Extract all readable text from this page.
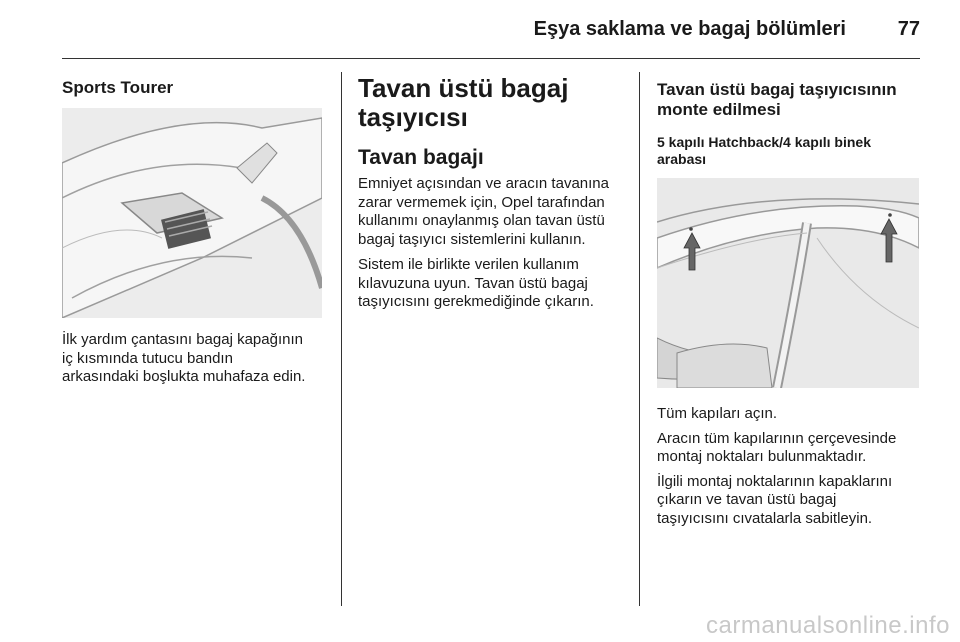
Eşya saklama ve bagaj bölümleri	77

Sports Tourer

İlk yardım çantasını bagaj kapağının

iç kısmında tutucu bandın

arkasındaki boşlukta muhafaza edin.

Tavan üstü bagaj

taşıyıcısı

Tavan bagajı

Emniyet açısından ve aracın tavanına

zarar vermemek için, Opel tarafından

kullanımı onaylanmış olan tavan üstü

bagaj taşıyıcı sistemlerini kullanın.

Sistem ile birlikte verilen kullanım

kılavuzuna uyun. Tavan üstü bagaj

taşıyıcısını gerekmediğinde çıkarın.

Tavan üstü bagaj taşıyıcısının

monte edilmesi

5 kapılı Hatchback/4 kapılı binek

arabası

Tüm kapıları açın.

Aracın tüm kapılarının çerçevesinde

montaj noktaları bulunmaktadır.

İlgili montaj noktalarının kapaklarını

çıkarın ve tavan üstü bagaj

taşıyıcısını cıvatalarla sabitleyin.

carmanualsonline.info
